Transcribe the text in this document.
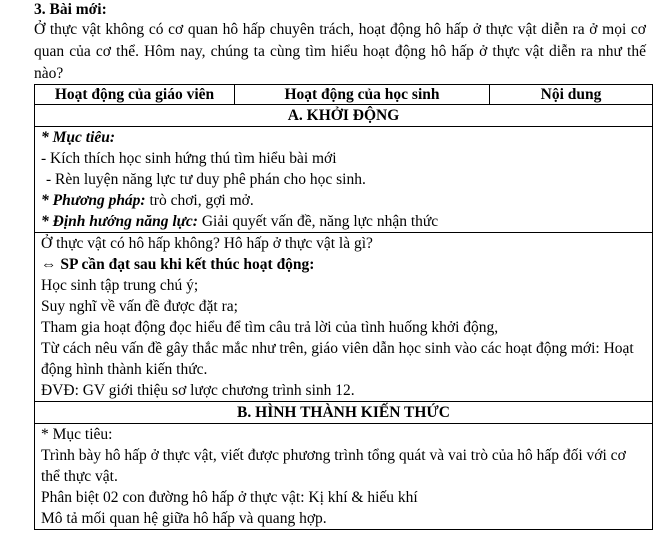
3. Bài mới:
Ở thực vật không có cơ quan hô hấp chuyên trách, hoạt động hô hấp ở thực vật diễn ra ở mọi cơ quan của cơ thể. Hôm nay, chúng ta cùng tìm hiểu hoạt động hô hấp ở thực vật diễn ra như thế nào?
Hoạt động của giáo viên	Hoạt động của học sinh	Nội dung
A. KHỞI ĐỘNG

* Mục tiêu:
- Kích thích học sinh hứng thú tìm hiểu bài mới
- Rèn luyện năng lực tư duy phê phán cho học sinh.
* Phương pháp: trò chơi, gợi mở.
* Định hướng năng lực: Giải quyết vấn đề, năng lực nhận thức

Ở thực vật có hô hấp không? Hô hấp ở thực vật là gì?
⇔ SP cần đạt sau khi kết thúc hoạt động:
Học sinh tập trung chú ý;
Suy nghĩ về vấn đề được đặt ra;
Tham gia hoạt động đọc hiểu để tìm câu trả lời của tình huống khởi động,
Từ cách nêu vấn đề gây thắc mắc như trên, giáo viên dẫn học sinh vào các hoạt động mới: Hoạt động hình thành kiến thức.
ĐVĐ: GV giới thiệu sơ lược chương trình sinh 12.

B. HÌNH THÀNH KIẾN THỨC

* Mục tiêu:
Trình bày hô hấp ở thực vật, viết được phương trình tổng quát và vai trò của hô hấp đối với cơ thể thực vật.
Phân biệt 02 con đường hô hấp ở thực vật: Kị khí & hiếu khí
Mô tả mối quan hệ giữa hô hấp và quang hợp.
